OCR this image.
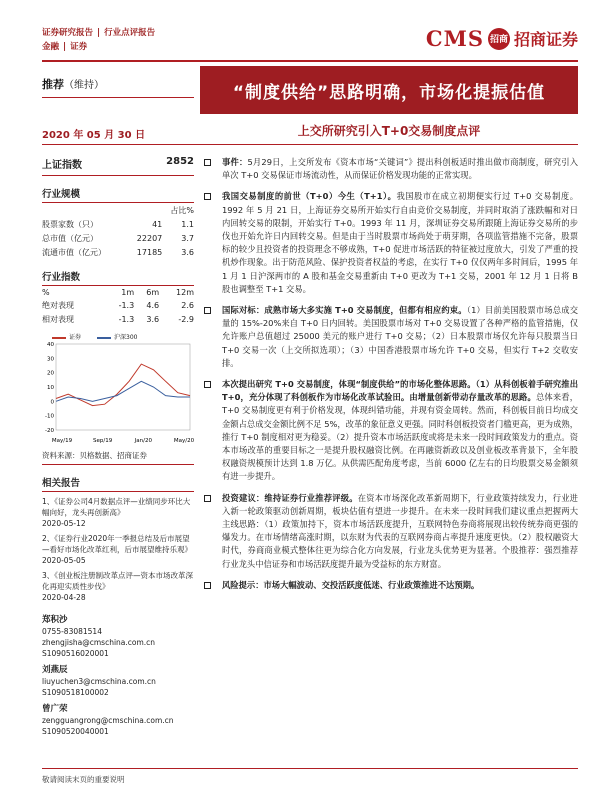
证券研究报告 | 行业点评报告
金融 | 证券	CMS 招商 招商证券
推荐（维持）	“制度供给”思路明确，市场化提振估值
2020 年 05 月 30 日	上交所研究引入T+0交易制度点评
上证指数	2852
行业规模
		占比%
股票家数（只）	41	1.1
总市值（亿元）	22207	3.7
流通市值（亿元）	17185	3.6
行业指数
%	1m	6m	12m
绝对表现	-1.3	4.6	2.6
相对表现	-1.3	3.6	-2.9
证券	沪深300
40
30
20
10
0
-10
-20
May/19	Sep/19	Jan/20	May/20
资料来源：贝格数据、招商证券
相关报告
1、《证券公司4月数据点评—业绩同步环比大幅向好，龙头再创新高》
2020-05-12
2、《证券行业2020年一季报总结及后市展望—看好市场化改革红利，后市展望维持乐观》
2020-05-05
3、《创业板注册制改革点评—资本市场改革深化再迎实质性步伐》
2020-04-28
郑积沙
0755-83081514
zhengjisha@cmschina.com.cn
S1090516020001
刘燕辰
liuyuchen3@cmschina.com.cn
S1090518100002
曾广荣
zengguangrong@cmschina.com.cn
S1090520040001
事件：5月29日，上交所发布《资本市场“关键词”》提出科创板适时推出做市商制度，研究引入单次 T+0 交易保证市场流动性，从而保证价格发现功能的正常实现。
我国交易制度的前世（T+0）今生（T+1）。我国股市在成立初期便实行过 T+0 交易制度。1992 年 5 月 21 日，上海证券交易所开始实行自由竞价交易制度，并同时取消了涨跌幅和对日内回转交易的限制，开始实行 T+0。1993 年 11 月，深圳证券交易所跟随上海证券交易所的步伐也开始允许日内回转交易。但是由于当时股票市场尚处于萌芽期，各项监管措施不完备，股票标的较少且投资者的投资理念不够成熟，T+0 促进市场活跃的特征被过度放大，引发了严重的投机炒作现象。出于防范风险、保护投资者权益的考虑，在实行 T+0 仅仅两年多时间后，1995 年 1 月 1 日沪深两市的 A 股和基金交易重新由 T+0 更改为 T+1 交易，2001 年 12 月 1 日将 B 股也调整至 T+1 交易。
国际对标：成熟市场大多实施 T+0 交易制度，但都有相应约束。（1）目前美国股票市场总成交量的 15%-20%来自 T+0 日内回转。美国股票市场对 T+0 交易设置了各种严格的监管措施，仅允许账户总值超过 25000 美元的账户进行 T+0 交易；（2）日本股票市场仅允许每只股票当日 T+0 交易一次（上交所拟选项）；（3）中国香港股票市场允许 T+0 交易，但实行 T+2 交收安排。
本次提出研究 T+0 交易制度，体现“制度供给”的市场化整体思路。（1）从科创板着手研究推出 T+0，充分体现了科创板作为市场化改革试验田。由增量创新带动存量改革的思路。总体来看，T+0 交易制度更有利于价格发现，体现纠错功能，并现有资金周转。然而，科创板目前日均成交金额占总成交金额比例不足 5%，改革的象征意义更强。同时科创板投资者门槛更高，更为成熟，推行 T+0 制度相对更为稳妥。（2）提升资本市场活跃度或将是未来一段时间政策发力的重点。资本市场改革的重要目标之一是提升股权融资比例。在再融资新政以及创业板改革背景下，全年股权融资规模预计达到 1.8 万亿。从供需匹配角度考虑，当前 6000 亿左右的日均股票交易金额须有进一步提升。
投资建议：维持证券行业推荐评级。在资本市场深化改革新周期下，行业政策持续发力，行业进入新一轮政策驱动创新周期，板块估值有望进一步提升。在未来一段时间我们建议重点把握两大主线思路：（1）政策加持下，资本市场活跃度提升，互联网特色券商将展现出较传统券商更强的爆发力。在市场情绪高涨时期，以东财为代表的互联网券商占率提升速度更快。（2）股权融资大时代，券商商业模式整体往更为综合化方向发展，行业龙头优势更为显著。个股推荐：强烈推荐行业龙头中信证券和市场活跃度提升最为受益标的东方财富。
风险提示：市场大幅波动、交投活跃度低迷、行业政策推进不达预期。
敬请阅读末页的重要说明
